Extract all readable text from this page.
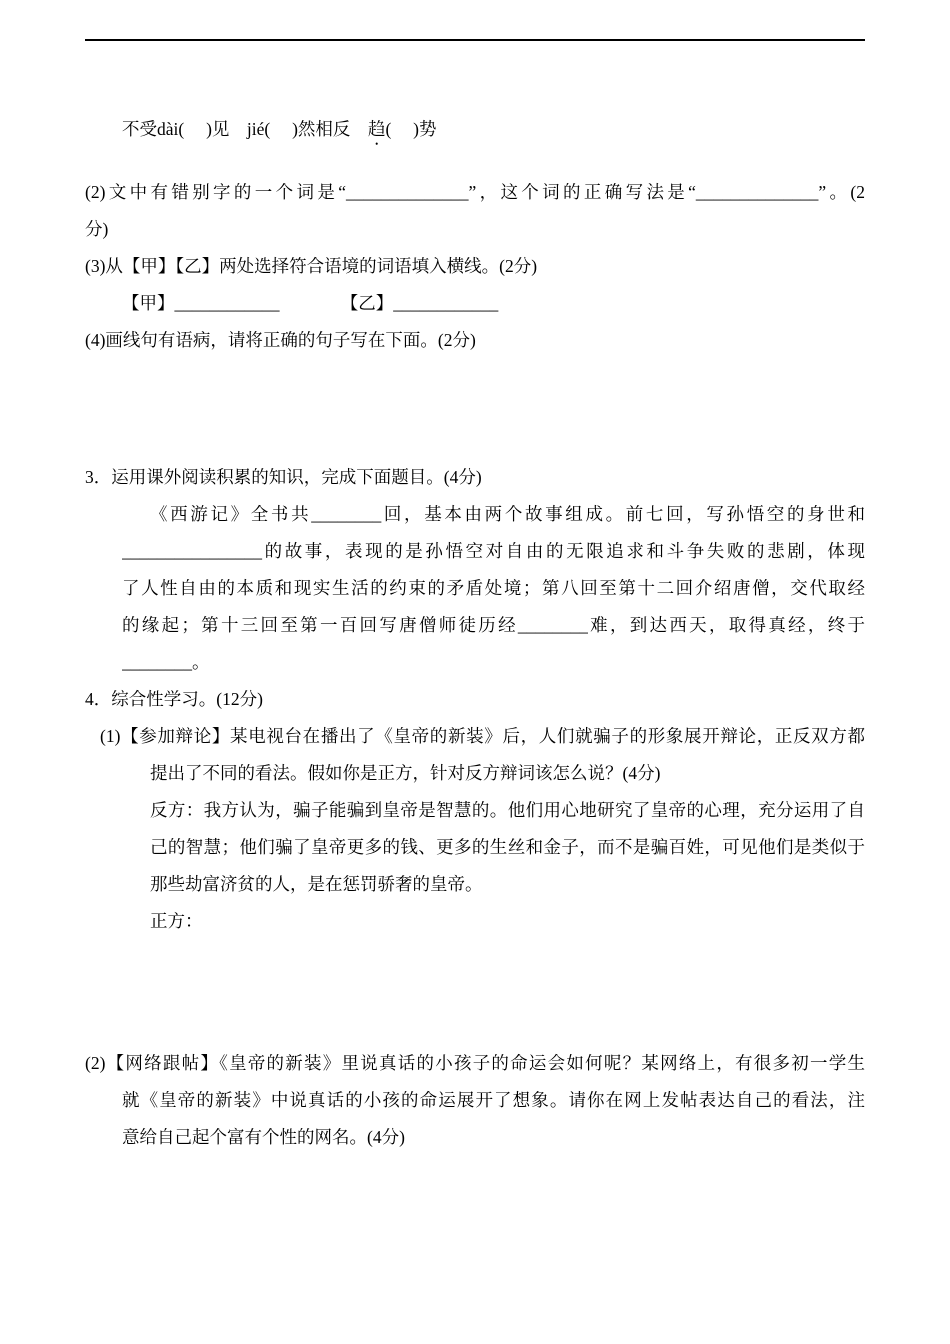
不受dài(　 )见　jié(　 )然相反　趋(　 )势
(2)文中有错别字的一个词是“______________”，这个词的正确写法是“______________”。(2
分)
(3)从【甲】【乙】两处选择符合语境的词语填入横线。(2分)
【甲】____________　　　　【乙】____________
(4)画线句有语病，请将正确的句子写在下面。(2分)
3．运用课外阅读积累的知识，完成下面题目。(4分)
《西游记》全书共________回，基本由两个故事组成。前七回，写孙悟空的身世和
________________的故事，表现的是孙悟空对自由的无限追求和斗争失败的悲剧，体现
了人性自由的本质和现实生活的约束的矛盾处境；第八回至第十二回介绍唐僧，交代取经
的缘起；第十三回至第一百回写唐僧师徒历经________难，到达西天，取得真经，终于
________。
4．综合性学习。(12分)
(1)【参加辩论】某电视台在播出了《皇帝的新装》后，人们就骗子的形象展开辩论，正反双方都
提出了不同的看法。假如你是正方，针对反方辩词该怎么说？(4分)
反方：我方认为，骗子能骗到皇帝是智慧的。他们用心地研究了皇帝的心理，充分运用了自
己的智慧；他们骗了皇帝更多的钱、更多的生丝和金子，而不是骗百姓，可见他们是类似于
那些劫富济贫的人，是在惩罚骄奢的皇帝。
正方：
(2)【网络跟帖】《皇帝的新装》里说真话的小孩子的命运会如何呢？某网络上，有很多初一学生
就《皇帝的新装》中说真话的小孩的命运展开了想象。请你在网上发帖表达自己的看法，注
意给自己起个富有个性的网名。(4分)
